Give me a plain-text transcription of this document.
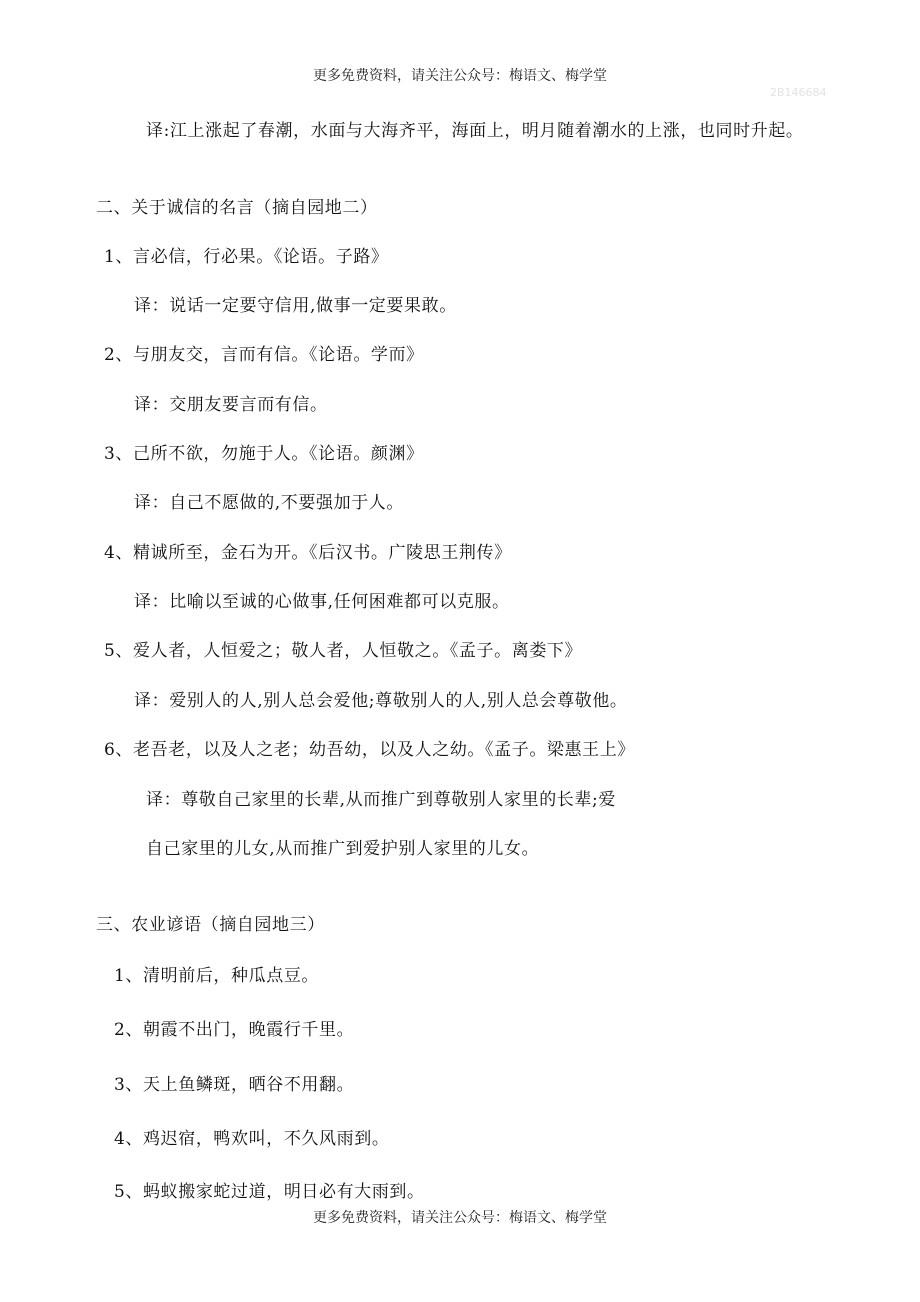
更多免费资料，请关注公众号：梅语文、梅学堂
2B146684
译:江上涨起了春潮，水面与大海齐平，海面上，明月随着潮水的上涨，也同时升起。
二、关于诚信的名言（摘自园地二）
1、言必信，行必果。《论语。子路》
译：说话一定要守信用,做事一定要果敢。
2、与朋友交，言而有信。《论语。学而》
译：交朋友要言而有信。
3、己所不欲，勿施于人。《论语。颜渊》
译：自己不愿做的,不要强加于人。
4、精诚所至，金石为开。《后汉书。广陵思王荆传》
译：比喻以至诚的心做事,任何困难都可以克服。
5、爱人者，人恒爱之；敬人者，人恒敬之。《孟子。离娄下》
译：爱别人的人,别人总会爱他;尊敬别人的人,别人总会尊敬他。
6、老吾老，以及人之老；幼吾幼，以及人之幼。《孟子。梁惠王上》
译：尊敬自己家里的长辈,从而推广到尊敬别人家里的长辈;爱
自己家里的儿女,从而推广到爱护别人家里的儿女。
三、农业谚语（摘自园地三）
1、清明前后，种瓜点豆。
2、朝霞不出门，晚霞行千里。
3、天上鱼鳞斑，晒谷不用翻。
4、鸡迟宿，鸭欢叫，不久风雨到。
5、蚂蚁搬家蛇过道，明日必有大雨到。
更多免费资料，请关注公众号：梅语文、梅学堂
